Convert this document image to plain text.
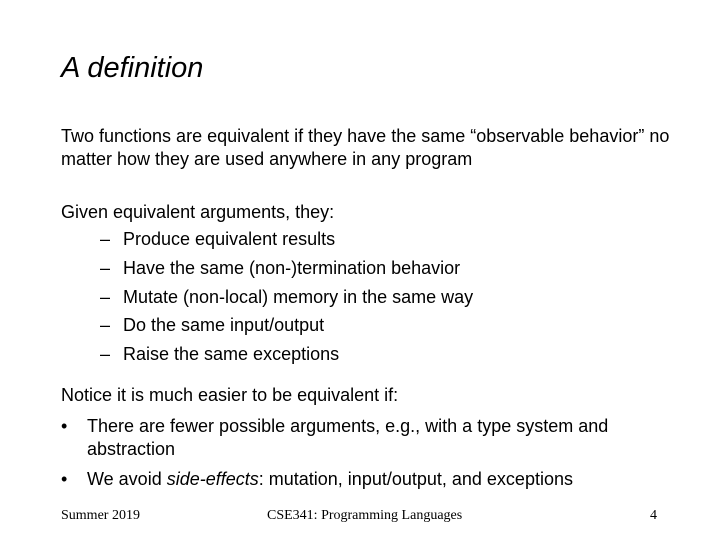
A definition
Two functions are equivalent if they have the same “observable behavior” no matter how they are used anywhere in any program
Given equivalent arguments, they:
– Produce equivalent results
– Have the same (non-)termination behavior
– Mutate (non-local) memory in the same way
– Do the same input/output
– Raise the same exceptions
Notice it is much easier to be equivalent if:
• There are fewer possible arguments, e.g., with a type system and abstraction
• We avoid side-effects: mutation, input/output, and exceptions
Summer 2019	CSE341: Programming Languages	4
